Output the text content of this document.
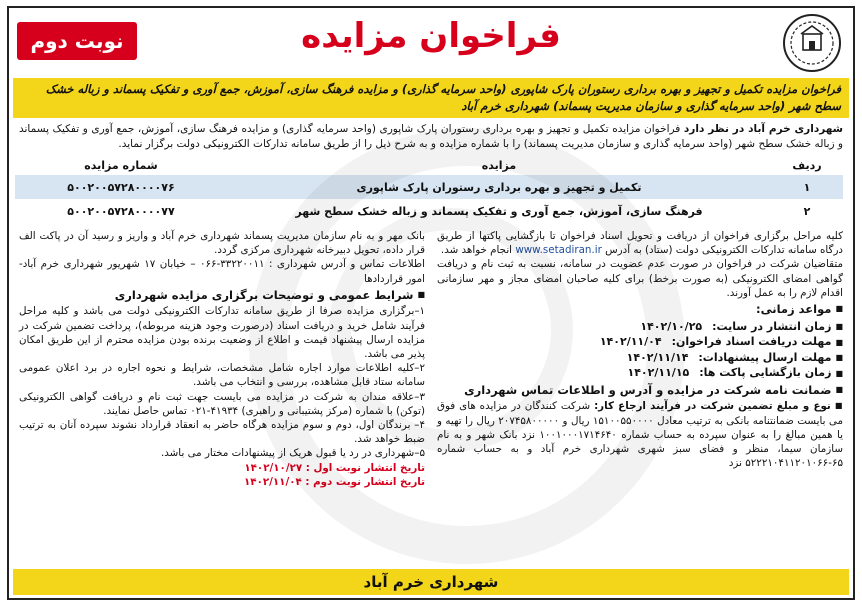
فراخوان مزایده
نوبت دوم
فراخوان مزایده تکمیل و تجهیز و بهره برداری رستوران پارک شاپوری (واحد سرمایه گذاری) و مزایده فرهنگ سازی، آموزش، جمع آوری و تفکیک پسماند و زباله خشک سطح شهر (واحد سرمایه گذاری و سازمان مدیریت پسماند) شهرداری خرم آباد
شهرداری خرم آباد در نظر دارد فراخوان مزایده تکمیل و تجهیز و بهره برداری رستوران پارک شاپوری (واحد سرمایه گذاری) و مزایده فرهنگ سازی، آموزش، جمع آوری و تفکیک پسماند و زباله خشک سطح شهر (واحد سرمایه گذاری و سازمان مدیریت پسماند) را با شماره مزایده و به شرح ذیل را از طریق سامانه تدارکات الکترونیکی دولت برگزار نماید.
ردیف	مزایده	شماره مزایده
۱	تکمیل و تجهیز و بهره برداری رستوران پارک شاپوری	۵۰۰۲۰۰۵۷۲۸۰۰۰۰۷۶
۲	فرهنگ سازی، آموزش، جمع آوری و تفکیک پسماند و زباله خشک سطح شهر	۵۰۰۲۰۰۵۷۲۸۰۰۰۰۷۷
کلیه مراحل برگزاری فراخوان از دریافت و تحویل اسناد فراخوان تا بازگشایی پاکتها از طریق درگاه سامانه تدارکات الکترونیکی دولت (ستاد) به آدرس www.setadiran.ir انجام خواهد شد.
متقاضیان شرکت در فراخوان در صورت عدم عضویت در سامانه، نسبت به ثبت نام و دریافت گواهی امضای الکترونیکی (به صورت برخط) برای کلیه صاحبان امضای مجاز و مهر سازمانی اقدام لازم را به عمل آورند.
■ مواعد زمانی:
■ زمان انتشار در سایت:۱۴۰۲/۱۰/۲۵
■ مهلت دریافت اسناد فراخوان:۱۴۰۲/۱۱/۰۴
■ مهلت ارسال پیشنهادات:۱۴۰۲/۱۱/۱۴
■ زمان بازگشایی پاکت ها:۱۴۰۲/۱۱/۱۵
■ ضمانت نامه شرکت در مزایده و آدرس و اطلاعات تماس شهرداری
■ نوع و مبلغ تضمین شرکت در فرآیند ارجاع کار: شرکت کنندگان در مزایده های فوق می بایست ضمانتنامه بانکی به ترتیب معادل ۱۵۱۰۰۵۵۰۰۰۰ ریال و ۲۰۷۴۵۸۰۰۰۰۰ ریال را تهیه و یا همین مبالغ را به عنوان سپرده به حساب شماره ۱۰۰۱۰۰۰۱۷۱۴۶۴۰ نزد بانک شهر و به نام سازمان سیما، منظر و فضای سبز شهری شهرداری خرم آباد و به حساب شماره ۶۵-۵۲۲۲۱۰۴۱۱۲۰۱۰۶۶ نزد
بانک مهر و به نام سازمان مدیریت پسماند شهرداری خرم آباد و واریز و رسید آن در پاکت الف قرار داده، تحویل دبیرخانه شهرداری مرکزی گردد.
اطلاعات تماس و آدرس شهرداری : ۳۳۲۲۰۰۱۱-۰۶۶ – خیابان ۱۷ شهریور شهرداری خرم آباد- امور قراردادها
■ شرایط عمومی و توضیحات برگزاری مزایده شهرداری
۱–برگزاری مزایده صرفا از طریق سامانه تدارکات الکترونیکی دولت می باشد و کلیه مراحل فرآیند شامل خرید و دریافت اسناد (درصورت وجود هزینه مربوطه)، پرداخت تضمین شرکت در مزایده ارسال پیشنهاد قیمت و اطلاع از وضعیت برنده بودن مزایده محترم از این طریق امکان پذیر می باشد.
۲–کلیه اطلاعات موارد اجاره شامل مشخصات، شرایط و نحوه اجاره در برد اعلان عمومی سامانه ستاد قابل مشاهده، بررسی و انتخاب می باشد.
۳–علاقه مندان به شرکت در مزایده می بایست جهت ثبت نام و دریافت گواهی الکترونیکی (توکن) با شماره (مرکز پشتیبانی و راهبری) ۴۱۹۳۴-۰۲۱ تماس حاصل نمایند.
۴– برندگان اول، دوم و سوم مزایده هرگاه حاضر به انعقاد قرارداد نشوند سپرده آنان به ترتیب ضبط خواهد شد.
۵–شهرداری در رد یا قبول هریک از پیشنهادات مختار می باشد.
تاریخ انتشار نوبت اول : ۱۴۰۲/۱۰/۲۷
تاریخ انتشار نوبت دوم : ۱۴۰۲/۱۱/۰۴
شهرداری خرم آباد
